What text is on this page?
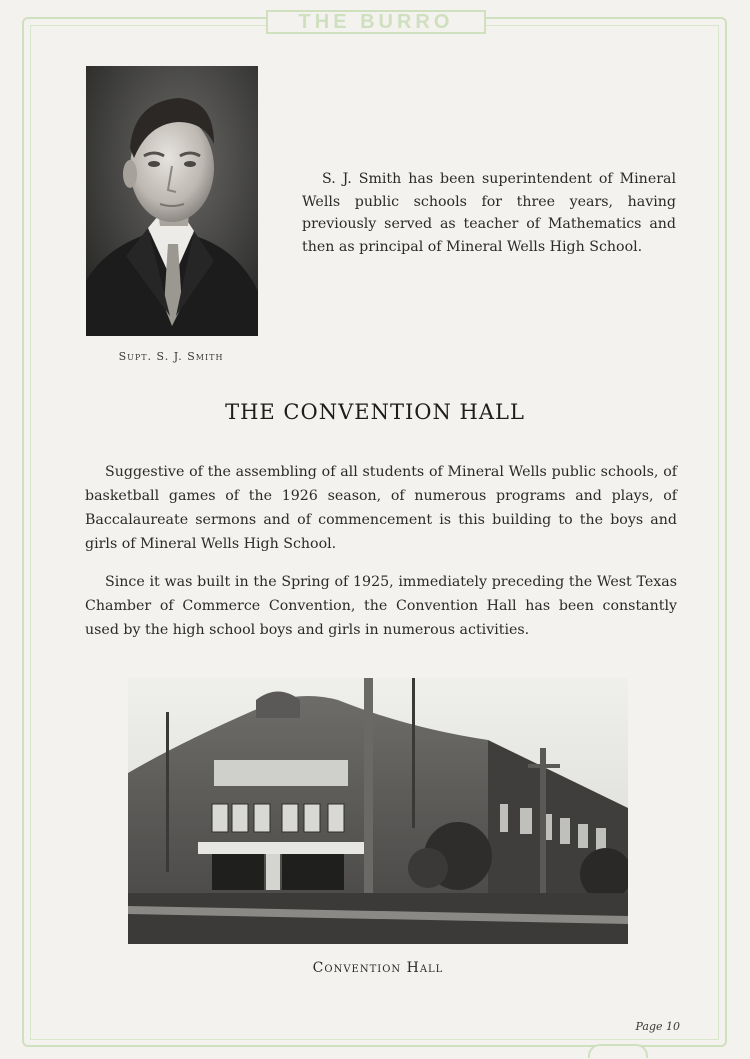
THE BURRO
Supt. S. J. Smith

S. J. Smith has been superintendent of Mineral Wells public schools for three years, having previously served as teacher of Mathematics and then as principal of Mineral Wells High School.

THE CONVENTION HALL

Suggestive of the assembling of all students of Mineral Wells public schools, of basketball games of the 1926 season, of numerous programs and plays, of Baccalaureate sermons and of commencement is this building to the boys and girls of Mineral Wells High School.

Since it was built in the Spring of 1925, immediately preceding the West Texas Chamber of Commerce Convention, the Convention Hall has been constantly used by the high school boys and girls in numerous activities.

Convention Hall
Page 10
